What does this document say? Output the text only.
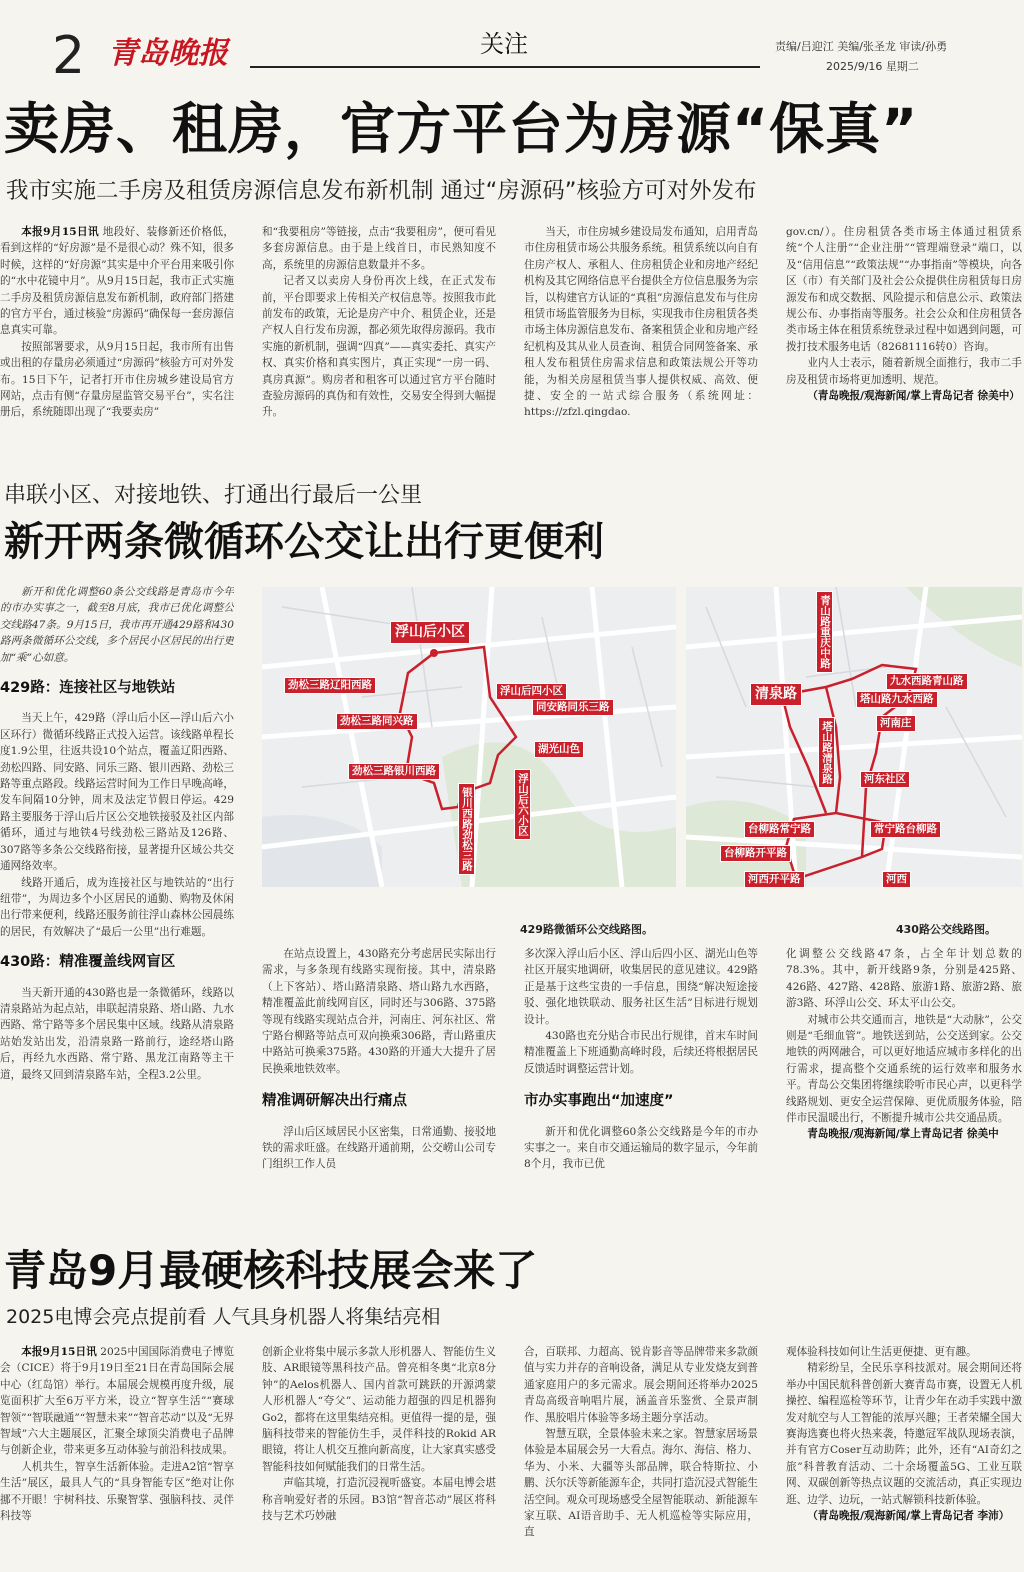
2 青岛晚报	关注	责编/吕迎江 美编/张圣龙 审读/孙勇
2025/9/16 星期二
卖房、租房，官方平台为房源“保真”
我市实施二手房及租赁房源信息发布新机制 通过“房源码”核验方可对外发布

本报9月15日讯 地段好、装修新还价格低，看到这样的“好房源”是不是很心动？殊不知，很多时候，这样的“好房源”其实是中介平台用来吸引你的“水中花镜中月”。从9月15日起，我市正式实施二手房及租赁房源信息发布新机制，政府部门搭建的官方平台，通过核验“房源码”确保每一套房源信息真实可靠。

按照部署要求，从9月15日起，我市所有出售或出租的存量房必须通过“房源码”核验方可对外发布。15日下午，记者打开市住房城乡建设局官方网站，点击有侧“存量房屋监管交易平台”，实名注册后，系统随即出现了“我要卖房”

和“我要租房”等链接，点击“我要租房”，便可看见多套房源信息。由于是上线首日，市民熟知度不高，系统里的房源信息数量并不多。

记者又以卖房人身份再次上线，在正式发布前，平台即要求上传相关产权信息等。按照我市此前发布的政策，无论是房产中介、租赁企业，还是产权人自行发布房源，都必须先取得房源码。我市实施的新机制，强调“四真”——真实委托、真实产权、真实价格和真实图片，真正实现“一房一码、真房真源”。购房者和租客可以通过官方平台随时查验房源码的真伪和有效性，交易安全得到大幅提升。

当天，市住房城乡建设局发布通知，启用青岛市住房租赁市场公共服务系统。租赁系统以向自有住房产权人、承租人、住房租赁企业和房地产经纪机构及其它网络信息平台提供全方位信息服务为宗旨，以构建官方认证的“真租”房源信息发布与住房租赁市场监管服务为目标，实现我市住房租赁各类市场主体房源信息发布、备案租赁企业和房地产经纪机构及其从业人员查询、租赁合同网签备案、承租人发布租赁住房需求信息和政策法规公开等功能，为相关房屋租赁当事人提供权威、高效、便捷、安全的一站式综合服务（系统网址：https://zfzl.qingdao.

gov.cn/）。住房租赁各类市场主体通过租赁系统“个人注册”“企业注册”“管理端登录”端口，以及“信用信息”“政策法规”“办事指南”等模块，向各区（市）有关部门及社会公众提供住房租赁每日房源发布和成交数据、风险提示和信息公示、政策法规公布、办事指南等服务。社会公众和住房租赁各类市场主体在租赁系统登录过程中如遇到问题，可拨打技术服务电话（82681116转0）咨询。

业内人士表示，随着新规全面推行，我市二手房及租赁市场将更加透明、规范。

（青岛晚报/观海新闻/掌上青岛记者 徐美中）

串联小区、对接地铁、打通出行最后一公里
新开两条微循环公交让出行更便利

新开和优化调整60条公交线路是青岛市今年的市办实事之一，截至8月底，我市已优化调整公交线路47条。9月15日，我市再开通429路和430路两条微循环公交线，多个居民小区居民的出行更加“乘”心如意。

429路：连接社区与地铁站

当天上午，429路（浮山后小区—浮山后六小区环行）微循环线路正式投入运营。该线路单程长度1.9公里，往返共设10个站点，覆盖辽阳西路、劲松四路、同安路、同乐三路、银川西路、劲松三路等重点路段。线路运营时间为工作日早晚高峰，发车间隔10分钟，周末及法定节假日停运。429路主要服务于浮山后片区公交地铁接驳及社区内部循环，通过与地铁4号线劲松三路站及126路、307路等多条公交线路衔接，显著提升区域公共交通网络效率。

线路开通后，成为连接社区与地铁站的“出行纽带”，为周边多个小区居民的通勤、购物及休闲出行带来便利，线路还服务前往浮山森林公园晨练的居民，有效解决了“最后一公里”出行难题。

430路：精准覆盖线网盲区

当天新开通的430路也是一条微循环，线路以清泉路站为起点站，串联起清泉路、塔山路、九水西路、常宁路等多个居民集中区域。线路从清泉路站始发站出发，沿清泉路一路前行，途经塔山路后，再经九水西路、常宁路、黑龙江南路等主干道，最终又回到清泉路车站，全程3.2公里。

浮山后小区
劲松三路辽阳西路	浮山后四小区
劲松三路同兴路
同安路同乐三路
湖光山色
劲松三路银川西路
银川西路劲松三路	浮山后六小区
429路微循环公交线路图。
青山路重庆中路
清泉路
九水西路青山路
塔山路九水西路
塔山路清泉路	河南庄
河东社区
台柳路常宁路	常宁路台柳路
台柳路开平路
河西
河西开平路
430路公交线路图。

在站点设置上，430路充分考虑居民实际出行需求，与多条现有线路实现衔接。其中，清泉路（上下客站）、塔山路清泉路、塔山路九水西路，精准覆盖此前线网盲区，同时还与306路、375路等现有线路实现站点合并，河南庄、河东社区、常宁路台柳路等站点可双向换乘306路，青山路重庆中路站可换乘375路。430路的开通大大提升了居民换乘地铁效率。

精准调研解决出行痛点

浮山后区域居民小区密集，日常通勤、接驳地铁的需求旺盛。在线路开通前期，公交崂山公司专门组织工作人员

多次深入浮山后小区、浮山后四小区、湖光山色等社区开展实地调研，收集居民的意见建议。429路正是基于这些宝贵的一手信息，围绕“解决短途接驳、强化地铁联动、服务社区生活”目标进行规划设计。

430路也充分贴合市民出行规律，首末车时间精准覆盖上下班通勤高峰时段，后续还将根据居民反馈适时调整运营计划。

市办实事跑出“加速度”

新开和优化调整60条公交线路是今年的市办实事之一。来自市交通运输局的数字显示，今年前8个月，我市已优

化调整公交线路47条，占全年计划总数的78.3%。其中，新开线路9条，分别是425路、426路、427路、428路、旅游1路、旅游2路、旅游3路、环浮山公交、环太平山公交。

对城市公共交通而言，地铁是“大动脉”，公交则是“毛细血管”。地铁送到站，公交送到家。公交地铁的两网融合，可以更好地适应城市多样化的出行需求，提高整个交通系统的运行效率和服务水平。青岛公交集团将继续聆听市民心声，以更科学线路规划、更安全运营保障、更优质服务体验，陪伴市民温暖出行，不断提升城市公共交通品质。

青岛晚报/观海新闻/掌上青岛记者 徐美中

青岛9月最硬核科技展会来了
2025电博会亮点提前看 人气具身机器人将集结亮相

本报9月15日讯 2025中国国际消费电子博览会（CICE）将于9月19日至21日在青岛国际会展中心（红岛馆）举行。本届展会规模再度升级，展览面积扩大至6万平方米，设立“智享生活”“赛球智领”“智联融通”“智慧未来”“智音芯动”以及“无界智域”六大主题展区，汇聚全球顶尖消费电子品牌与创新企业，带来更多互动体验与前沿科技成果。

人机共生，智享生活新体验。走进A2馆“智享生活”展区，最具人气的“具身智能专区”绝对让你挪不开眼！宇树科技、乐聚智掌、强脑科技、灵伴科技等

创新企业将集中展示多款人形机器人、智能仿生义肢、AR眼镜等黑科技产品。曾亮相冬奥“北京8分钟”的Aelos机器人、国内首款可跳跃的开源鸿蒙人形机器人“夸父”、运动能力超强的四足机器狗Go2，都将在这里集结亮相。更值得一提的是，强脑科技带来的智能仿生手，灵伴科技的Rokid AR眼镜，将让人机交互推向新高度，让大家真实感受智能科技如何赋能我们的日常生活。

声临其境，打造沉浸视听盛宴。本届电博会堪称音响爱好者的乐园。B3馆“智音芯动”展区将科技与艺术巧妙融

合，百联邦、力超高、锐肯影音等品牌带来多款颜值与实力并存的音响设备，满足从专业发烧友到普通家庭用户的多元需求。展会期间还将举办2025青岛高级音响唱片展，涵盖音乐鉴赏、全景声制作、黑胶唱片体验等多场主题分享活动。

智慧互联，全景体验未来之家。智慧家居场景体验是本届展会另一大看点。海尔、海信、格力、华为、小米、大疆等头部品牌，联合特斯拉、小鹏、沃尔沃等新能源车企，共同打造沉浸式智能生活空间。观众可现场感受全屋智能联动、新能源车家互联、AI语音助手、无人机巡检等实际应用，直

观体验科技如何让生活更便捷、更有趣。

精彩纷呈，全民乐享科技派对。展会期间还将举办中国民航科普创新大赛青岛市赛，设置无人机操控、编程巡检等环节，让青少年在动手实践中激发对航空与人工智能的浓厚兴趣；王者荣耀全国大赛海选赛也将火热来袭，特邀冠军战队现场表演，并有官方Coser互动助阵；此外，还有“AI奇幻之旅”科普教育活动、二十余场覆盖5G、工业互联网、双碳创新等热点议题的交流活动，真正实现边逛、边学、边玩，一站式解锁科技新体验。

（青岛晚报/观海新闻/掌上青岛记者 李沛）
